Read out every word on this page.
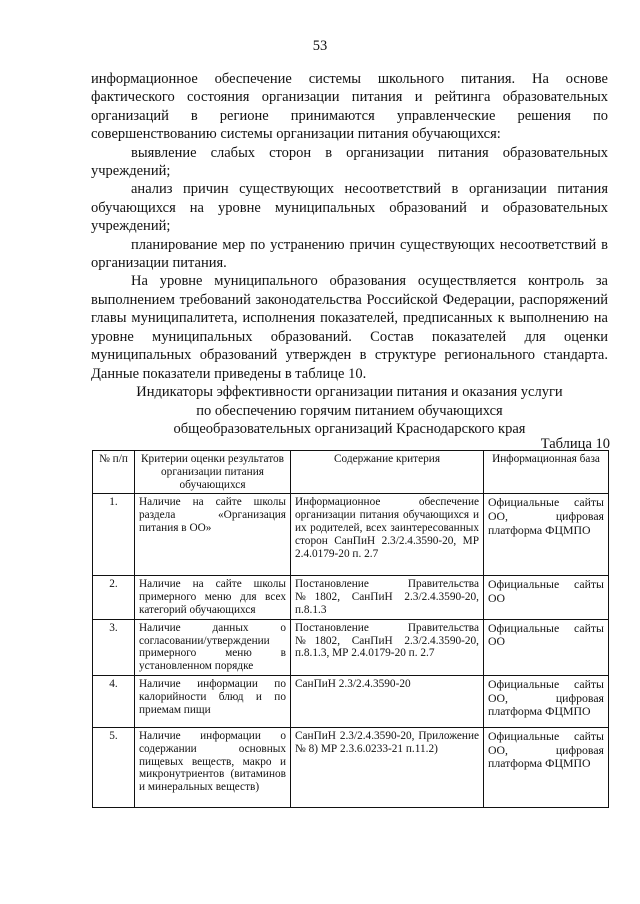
53

информационное обеспечение системы школьного питания. На основе фактического состояния организации питания и рейтинга образовательных организаций в регионе принимаются управленческие решения по совершенствованию системы организации питания обучающихся:

выявление слабых сторон в организации питания образовательных учреждений;

анализ причин существующих несоответствий в организации питания обучающихся на уровне муниципальных образований и образовательных учреждений;

планирование мер по устранению причин существующих несоответствий в организации питания.

На уровне муниципального образования осуществляется контроль за выполнением требований законодательства Российской Федерации, распоряжений главы муниципалитета, исполнения показателей, предписанных к выполнению на уровне муниципальных образований. Состав показателей для оценки муниципальных образований утвержден в структуре регионального стандарта. Данные показатели приведены в таблице 10.

Индикаторы эффективности организации питания и оказания услуги
по обеспечению горячим питанием обучающихся
общеобразовательных организаций Краснодарского края
Таблица 10
№ п/п	Критерии оценки результатов организации питания обучающихся	Содержание критерия	Информационная база
1.	Наличие на сайте школы раздела «Организация питания в ОО»	Информационное обеспечение организации питания обучающихся и их родителей, всех заинтересованных сторон СанПиН 2.3/2.4.3590-20, МР 2.4.0179-20 п. 2.7	Официальные сайты ОО, цифровая платформа ФЦМПО
2.	Наличие на сайте школы примерного меню для всех категорий обучающихся	Постановление Правительства №1802, СанПиН 2.3/2.4.3590-20, п.8.1.3	Официальные сайты ОО
3.	Наличие данных о согласовании/утверждении примерного меню в установленном порядке	Постановление Правительства №1802, СанПиН 2.3/2.4.3590-20, п.8.1.3, МР 2.4.0179-20 п. 2.7	Официальные сайты ОО
4.	Наличие информации по калорийности блюд и по приемам пищи	СанПиН 2.3/2.4.3590-20	Официальные сайты ОО, цифровая платформа ФЦМПО
5.	Наличие информации о содержании основных пищевых веществ, макро и микронутриентов (витаминов и минеральных веществ)	СанПиН 2.3/2.4.3590-20, Приложение № 8) МР 2.3.6.0233-21 п.11.2)	Официальные сайты ОО, цифровая платформа ФЦМПО
